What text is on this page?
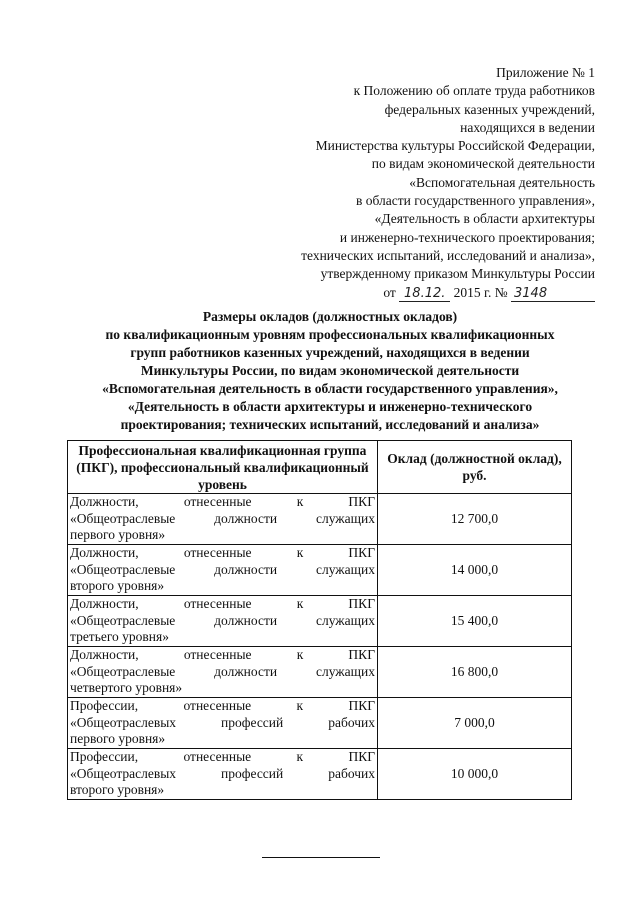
Приложение № 1
к Положению об оплате труда работников
федеральных казенных учреждений,
находящихся в ведении
Министерства культуры Российской Федерации,
по видам экономической деятельности
«Вспомогательная деятельность
в области государственного управления»,
«Деятельность в области архитектуры
и инженерно-технического проектирования;
технических испытаний, исследований и анализа»,
утвержденному приказом Минкультуры России
от 18.12. 2015 г. № 3148
Размеры окладов (должностных окладов)
по квалификационным уровням профессиональных квалификационных
групп работников казенных учреждений, находящихся в ведении
Минкультуры России, по видам экономической деятельности
«Вспомогательная деятельность в области государственного управления»,
«Деятельность в области архитектуры и инженерно-технического
проектирования; технических испытаний, исследований и анализа»
Профессиональная квалификационная группа (ПКГ), профессиональный квалификационный уровень	Оклад (должностной оклад), руб.

Должности, отнесенные к ПКГ
«Общеотраслевые должности служащих
первого уровня»	12 700,0

Должности, отнесенные к ПКГ
«Общеотраслевые должности служащих
второго уровня»	14 000,0

Должности, отнесенные к ПКГ
«Общеотраслевые должности служащих
третьего уровня»	15 400,0

Должности, отнесенные к ПКГ
«Общеотраслевые должности служащих
четвертого уровня»	16 800,0

Профессии, отнесенные к ПКГ
«Общеотраслевых профессий рабочих
первого уровня»	7 000,0

Профессии, отнесенные к ПКГ
«Общеотраслевых профессий рабочих
второго уровня»	10 000,0
